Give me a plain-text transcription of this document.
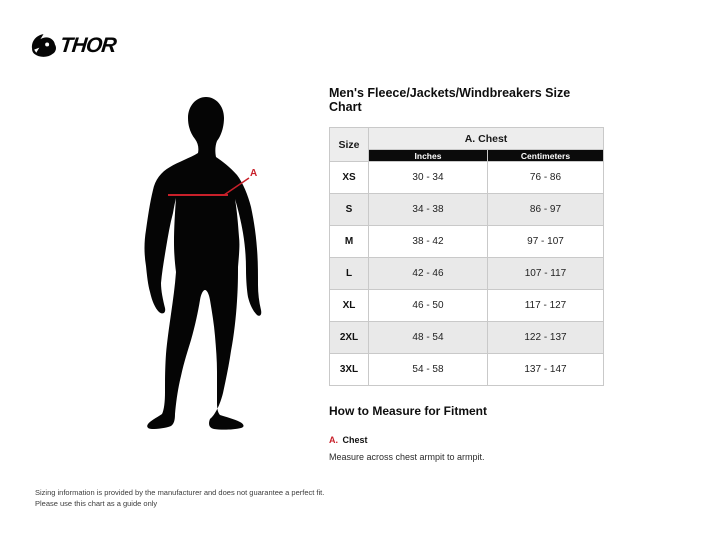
THOR
A
Men's Fleece/Jackets/Windbreakers Size Chart
Size	A. Chest	
	Inches	Centimeters
XS	30 - 34	76 - 86
S	34 - 38	86 - 97
M	38 - 42	97 - 107
L	42 - 46	107 - 117
XL	46 - 50	117 - 127
2XL	48 - 54	122 - 137
3XL	54 - 58	137 - 147
How to Measure for Fitment
A. Chest
Measure across chest armpit to armpit.
Sizing information is provided by the manufacturer and does not guarantee a perfect fit.
Please use this chart as a guide only
